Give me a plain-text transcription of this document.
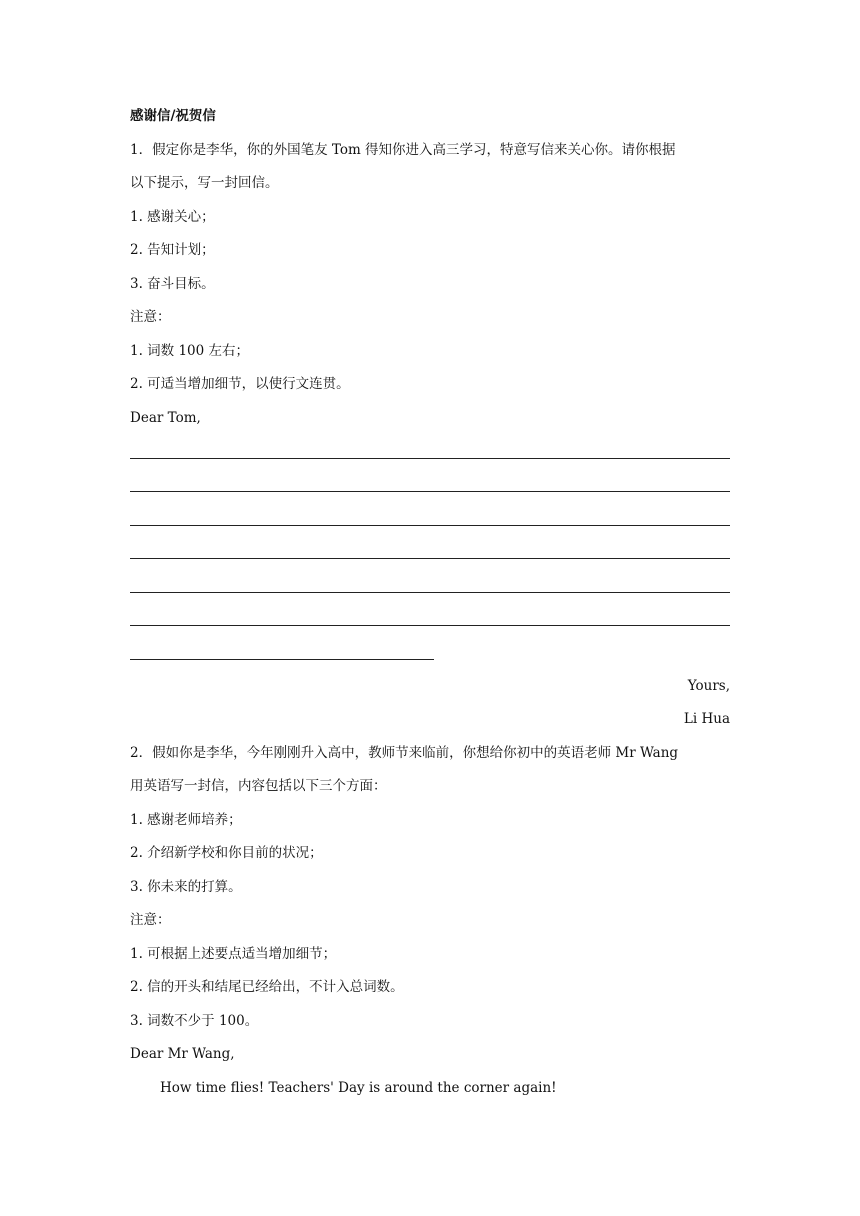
感谢信/祝贺信
1．假定你是李华，你的外国笔友 Tom 得知你进入高三学习，特意写信来关心你。请你根据
以下提示，写一封回信。
1. 感谢关心；
2. 告知计划；
3. 奋斗目标。
注意：
1. 词数 100 左右；
2. 可适当增加细节，以使行文连贯。
Dear Tom,
Yours,
Li Hua
2．假如你是李华，今年刚刚升入高中，教师节来临前，你想给你初中的英语老师 Mr Wang
用英语写一封信，内容包括以下三个方面：
1. 感谢老师培养；
2. 介绍新学校和你目前的状况；
3. 你未来的打算。
注意：
1. 可根据上述要点适当增加细节；
2. 信的开头和结尾已经给出，不计入总词数。
3. 词数不少于 100。
Dear Mr Wang,
How time flies! Teachers' Day is around the corner again!
